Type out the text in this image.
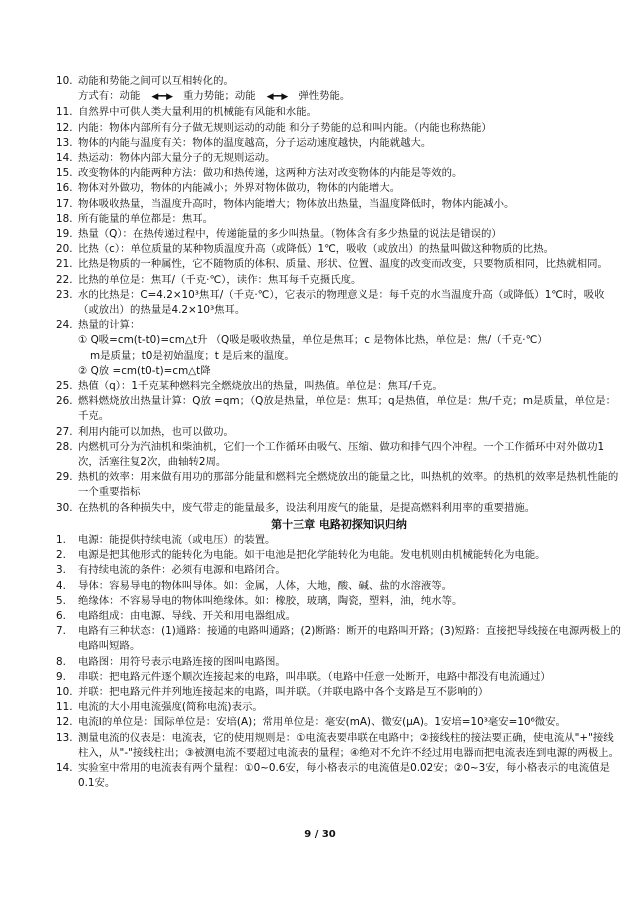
10. 动能和势能之间可以互相转化的。
方式有：动能 ◀━━▶ 重力势能；动能 ◀━━▶ 弹性势能。
11. 自然界中可供人类大量利用的机械能有风能和水能。
12. 内能：物体内部所有分子做无规则运动的动能 和分子势能的总和叫内能。（内能也称热能）
13. 物体的内能与温度有关：物体的温度越高，分子运动速度越快，内能就越大。
14. 热运动：物体内部大量分子的无规则运动。
15. 改变物体的内能两种方法：做功和热传递，这两种方法对改变物体的内能是等效的。
16. 物体对外做功，物体的内能减小；外界对物体做功，物体的内能增大。
17. 物体吸收热量，当温度升高时，物体内能增大；物体放出热量，当温度降低时，物体内能减小。
18. 所有能量的单位都是：焦耳。
19. 热量（Q）：在热传递过程中，传递能量的多少叫热量。（物体含有多少热量的说法是错误的）
20. 比热（c）：单位质量的某种物质温度升高（或降低）1℃，吸收（或放出）的热量叫做这种物质的比热。
21. 比热是物质的一种属性，它不随物质的体积、质量、形状、位置、温度的改变而改变，只要物质相同，比热就相同。
22. 比热的单位是：焦耳/（千克·℃），读作：焦耳每千克摄氏度。
23. 水的比热是：C=4.2×10³焦耳/（千克·℃），它表示的物理意义是：每千克的水当温度升高（或降低）1℃时，吸收（或放出）的热量是4.2×10³焦耳。
24. 热量的计算：
① Q吸=cm(t-t0)=cm△t升 （Q吸是吸收热量，单位是焦耳；c 是物体比热，单位是：焦/（千克·℃）
m是质量；t0是初始温度；t 是后来的温度。
② Q放 =cm(t0-t)=cm△t降
25. 热值（q）：1千克某种燃料完全燃烧放出的热量，叫热值。单位是：焦耳/千克。
26. 燃料燃烧放出热量计算：Q放 =qm；（Q放是热量，单位是：焦耳；q是热值，单位是：焦/千克；m是质量，单位是：千克。
27. 利用内能可以加热，也可以做功。
28. 内燃机可分为汽油机和柴油机，它们一个工作循环由吸气、压缩、做功和排气四个冲程。一个工作循环中对外做功1次，活塞往复2次，曲轴转2周。
29. 热机的效率：用来做有用功的那部分能量和燃料完全燃烧放出的能量之比，叫热机的效率。的热机的效率是热机性能的一个重要指标
30. 在热机的各种损失中，废气带走的能量最多，设法利用废气的能量，是提高燃料利用率的重要措施。
第十三章 电路初探知识归纳
1.	电源：能提供持续电流（或电压）的装置。
2.	电源是把其他形式的能转化为电能。如干电池是把化学能转化为电能。发电机则由机械能转化为电能。
3.	有持续电流的条件：必须有电源和电路闭合。
4.	导体：容易导电的物体叫导体。如：金属，人体，大地，酸、碱、盐的水溶液等。
5.	绝缘体：不容易导电的物体叫绝缘体。如：橡胶，玻璃，陶瓷，塑料，油，纯水等。
6.	电路组成：由电源、导线、开关和用电器组成。
7.	电路有三种状态：(1)通路：接通的电路叫通路；(2)断路：断开的电路叫开路；(3)短路：直接把导线接在电源两极上的电路叫短路。
8.	电路图：用符号表示电路连接的图叫电路图。
9.	串联：把电路元件逐个顺次连接起来的电路，叫串联。（电路中任意一处断开，电路中都没有电流通过）
10. 并联：把电路元件并列地连接起来的电路，叫并联。（并联电路中各个支路是互不影响的）
11. 电流的大小用电流强度(简称电流)表示。
12. 电流I的单位是：国际单位是：安培(A)；常用单位是：毫安(mA)、微安(μA)。1安培=10³毫安=10⁶微安。
13. 测量电流的仪表是：电流表，它的使用规则是：①电流表要串联在电路中；②接线柱的接法要正确，使电流从"+"接线柱入，从"-"接线柱出；③被测电流不要超过电流表的量程；④绝对不允许不经过用电器而把电流表连到电源的两极上。
14. 实验室中常用的电流表有两个量程：①0~0.6安，每小格表示的电流值是0.02安；②0~3安，每小格表示的电流值是0.1安。
9 / 30
